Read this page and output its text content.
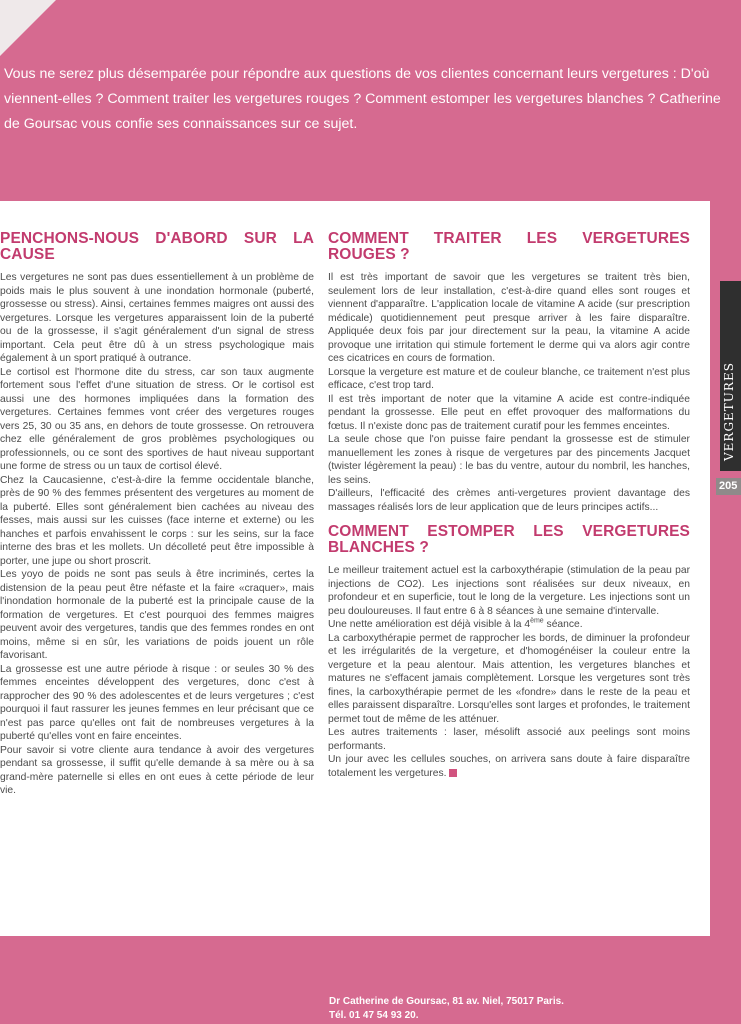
Vous ne serez plus désemparée pour répondre aux questions de vos clientes concernant leurs vergetures : D'où viennent-elles ? Comment traiter les vergetures rouges ? Comment estomper les vergetures blanches ? Catherine de Goursac vous confie ses connaissances sur ce sujet.

PENCHONS-NOUS D'ABORD SUR LA CAUSE

Les vergetures ne sont pas dues essentiellement à un problème de poids mais le plus souvent à une inondation hormonale (puberté, grossesse ou stress). Ainsi, certaines femmes maigres ont aussi des vergetures. Lorsque les vergetures apparaissent loin de la puberté ou de la grossesse, il s'agit généralement d'un signal de stress important. Cela peut être dû à un stress psychologique mais également à un sport pratiqué à outrance.

Le cortisol est l'hormone dite du stress, car son taux augmente fortement sous l'effet d'une situation de stress. Or le cortisol est aussi une des hormones impliquées dans la formation des vergetures. Certaines femmes vont créer des vergetures rouges vers 25, 30 ou 35 ans, en dehors de toute grossesse. On retrouvera chez elle généralement de gros problèmes psychologiques ou professionnels, ou ce sont des sportives de haut niveau supportant une forme de stress ou un taux de cortisol élevé.

Chez la Caucasienne, c'est-à-dire la femme occidentale blanche, près de 90 % des femmes présentent des vergetures au moment de la puberté. Elles sont généralement bien cachées au niveau des fesses, mais aussi sur les cuisses (face interne et externe) ou les hanches et parfois envahissent le corps : sur les seins, sur la face interne des bras et les mollets. Un décolleté peut être impossible à porter, une jupe ou short proscrit.

Les yoyo de poids ne sont pas seuls à être incriminés, certes la distension de la peau peut être néfaste et la faire «craquer», mais l'inondation hormonale de la puberté est la principale cause de la formation de vergetures. Et c'est pourquoi des femmes maigres peuvent avoir des vergetures, tandis que des femmes rondes en ont moins, même si en sûr, les variations de poids jouent un rôle favorisant.

La grossesse est une autre période à risque : or seules 30 % des femmes enceintes développent des vergetures, donc c'est à rapprocher des 90 % des adolescentes et de leurs vergetures ; c'est pourquoi il faut rassurer les jeunes femmes en leur précisant que ce n'est pas parce qu'elles ont fait de nombreuses vergetures à la puberté qu'elles vont en faire enceintes.

Pour savoir si votre cliente aura tendance à avoir des vergetures pendant sa grossesse, il suffit qu'elle demande à sa mère ou à sa grand-mère paternelle si elles en ont eues à cette période de leur vie.

COMMENT TRAITER LES VERGETURES ROUGES ?

Il est très important de savoir que les vergetures se traitent très bien, seulement lors de leur installation, c'est-à-dire quand elles sont rouges et viennent d'apparaître. L'application locale de vitamine A acide (sur prescription médicale) quotidiennement peut presque arriver à les faire disparaître. Appliquée deux fois par jour directement sur la peau, la vitamine A acide provoque une irritation qui stimule fortement le derme qui va alors agir contre ces cicatrices en cours de formation.

Lorsque la vergeture est mature et de couleur blanche, ce traitement n'est plus efficace, c'est trop tard.

Il est très important de noter que la vitamine A acide est contre-indiquée pendant la grossesse. Elle peut en effet provoquer des malformations du fœtus. Il n'existe donc pas de traitement curatif pour les femmes enceintes.

La seule chose que l'on puisse faire pendant la grossesse est de stimuler manuellement les zones à risque de vergetures par des pincements Jacquet (twister légèrement la peau) : le bas du ventre, autour du nombril, les hanches, les seins.

D'ailleurs, l'efficacité des crèmes anti-vergetures provient davantage des massages réalisés lors de leur application que de leurs principes actifs...

COMMENT ESTOMPER LES VERGETURES BLANCHES ?

Le meilleur traitement actuel est la carboxythérapie (stimulation de la peau par injections de CO2). Les injections sont réalisées sur deux niveaux, en profondeur et en superficie, tout le long de la vergeture. Les injections sont un peu douloureuses. Il faut entre 6 à 8 séances à une semaine d'intervalle.

Une nette amélioration est déjà visible à la 4ème séance.

La carboxythérapie permet de rapprocher les bords, de diminuer la profondeur et les irrégularités de la vergeture, et d'homogénéiser la couleur entre la vergeture et la peau alentour. Mais attention, les vergetures blanches et matures ne s'effacent jamais complètement. Lorsque les vergetures sont très fines, la carboxythérapie permet de les «fondre» dans le reste de la peau et elles paraissent disparaître. Lorsqu'elles sont larges et profondes, le traitement permet tout de même de les atténuer.

Les autres traitements : laser, mésolift associé aux peelings sont moins performants.

Un jour avec les cellules souches, on arrivera sans doute à faire disparaître totalement les vergetures.

VERGETURES
205
Dr Catherine de Goursac, 81 av. Niel, 75017 Paris.
Tél. 01 47 54 93 20.
